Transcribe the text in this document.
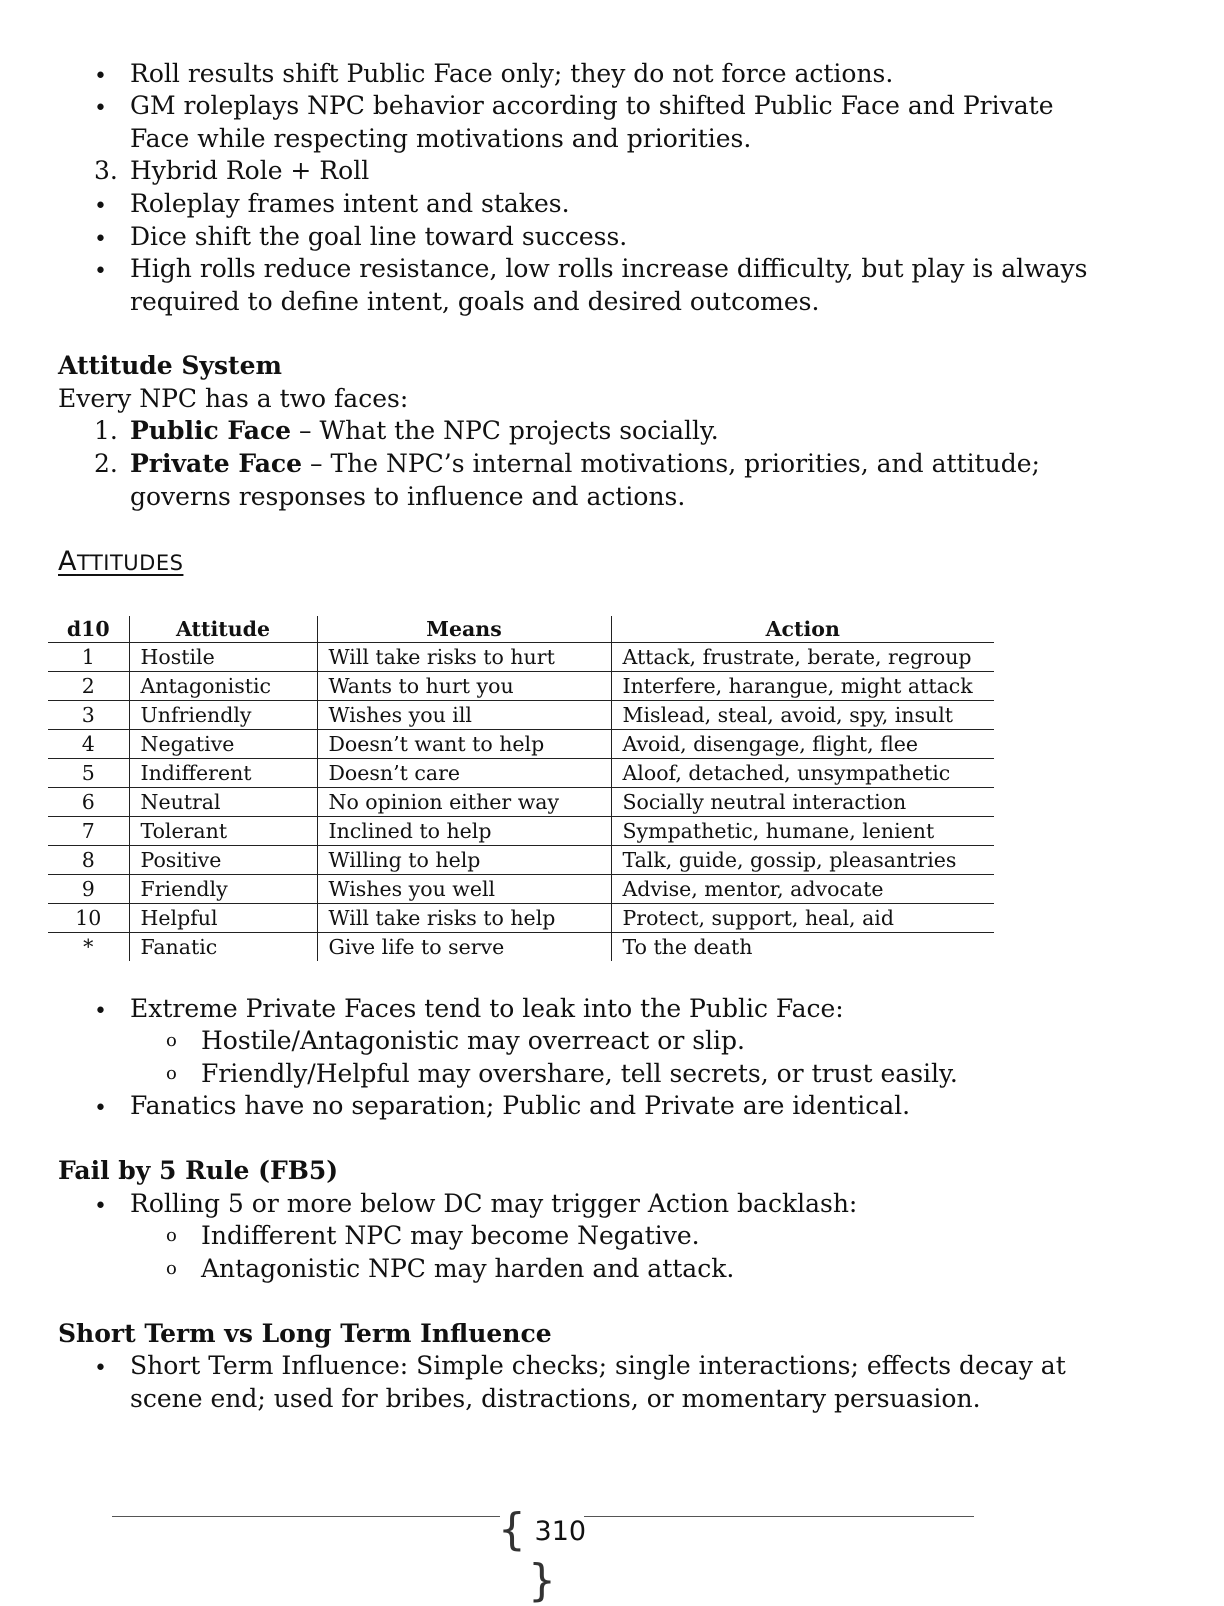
• Roll results shift Public Face only; they do not force actions.
• GM roleplays NPC behavior according to shifted Public Face and Private
Face while respecting motivations and priorities.
3. Hybrid Role + Roll
• Roleplay frames intent and stakes.
• Dice shift the goal line toward success.
• High rolls reduce resistance, low rolls increase difficulty, but play is always
required to define intent, goals and desired outcomes.
Attitude System
Every NPC has a two faces:
1. Public Face – What the NPC projects socially.
2. Private Face – The NPC’s internal motivations, priorities, and attitude;
governs responses to influence and actions.
ATTITUDES
d10	Attitude	Means	Action
1	Hostile	Will take risks to hurt	Attack, frustrate, berate, regroup
2	Antagonistic	Wants to hurt you	Interfere, harangue, might attack
3	Unfriendly	Wishes you ill	Mislead, steal, avoid, spy, insult
4	Negative	Doesn’t want to help	Avoid, disengage, flight, flee
5	Indifferent	Doesn’t care	Aloof, detached, unsympathetic
6	Neutral	No opinion either way	Socially neutral interaction
7	Tolerant	Inclined to help	Sympathetic, humane, lenient
8	Positive	Willing to help	Talk, guide, gossip, pleasantries
9	Friendly	Wishes you well	Advise, mentor, advocate
10	Helpful	Will take risks to help	Protect, support, heal, aid
*	Fanatic	Give life to serve	To the death
• Extreme Private Faces tend to leak into the Public Face:
o Hostile/Antagonistic may overreact or slip.
o Friendly/Helpful may overshare, tell secrets, or trust easily.
• Fanatics have no separation; Public and Private are identical.
Fail by 5 Rule (FB5)
• Rolling 5 or more below DC may trigger Action backlash:
o Indifferent NPC may become Negative.
o Antagonistic NPC may harden and attack.
Short Term vs Long Term Influence
• Short Term Influence: Simple checks; single interactions; effects decay at
scene end; used for bribes, distractions, or momentary persuasion.
{ 310 }
